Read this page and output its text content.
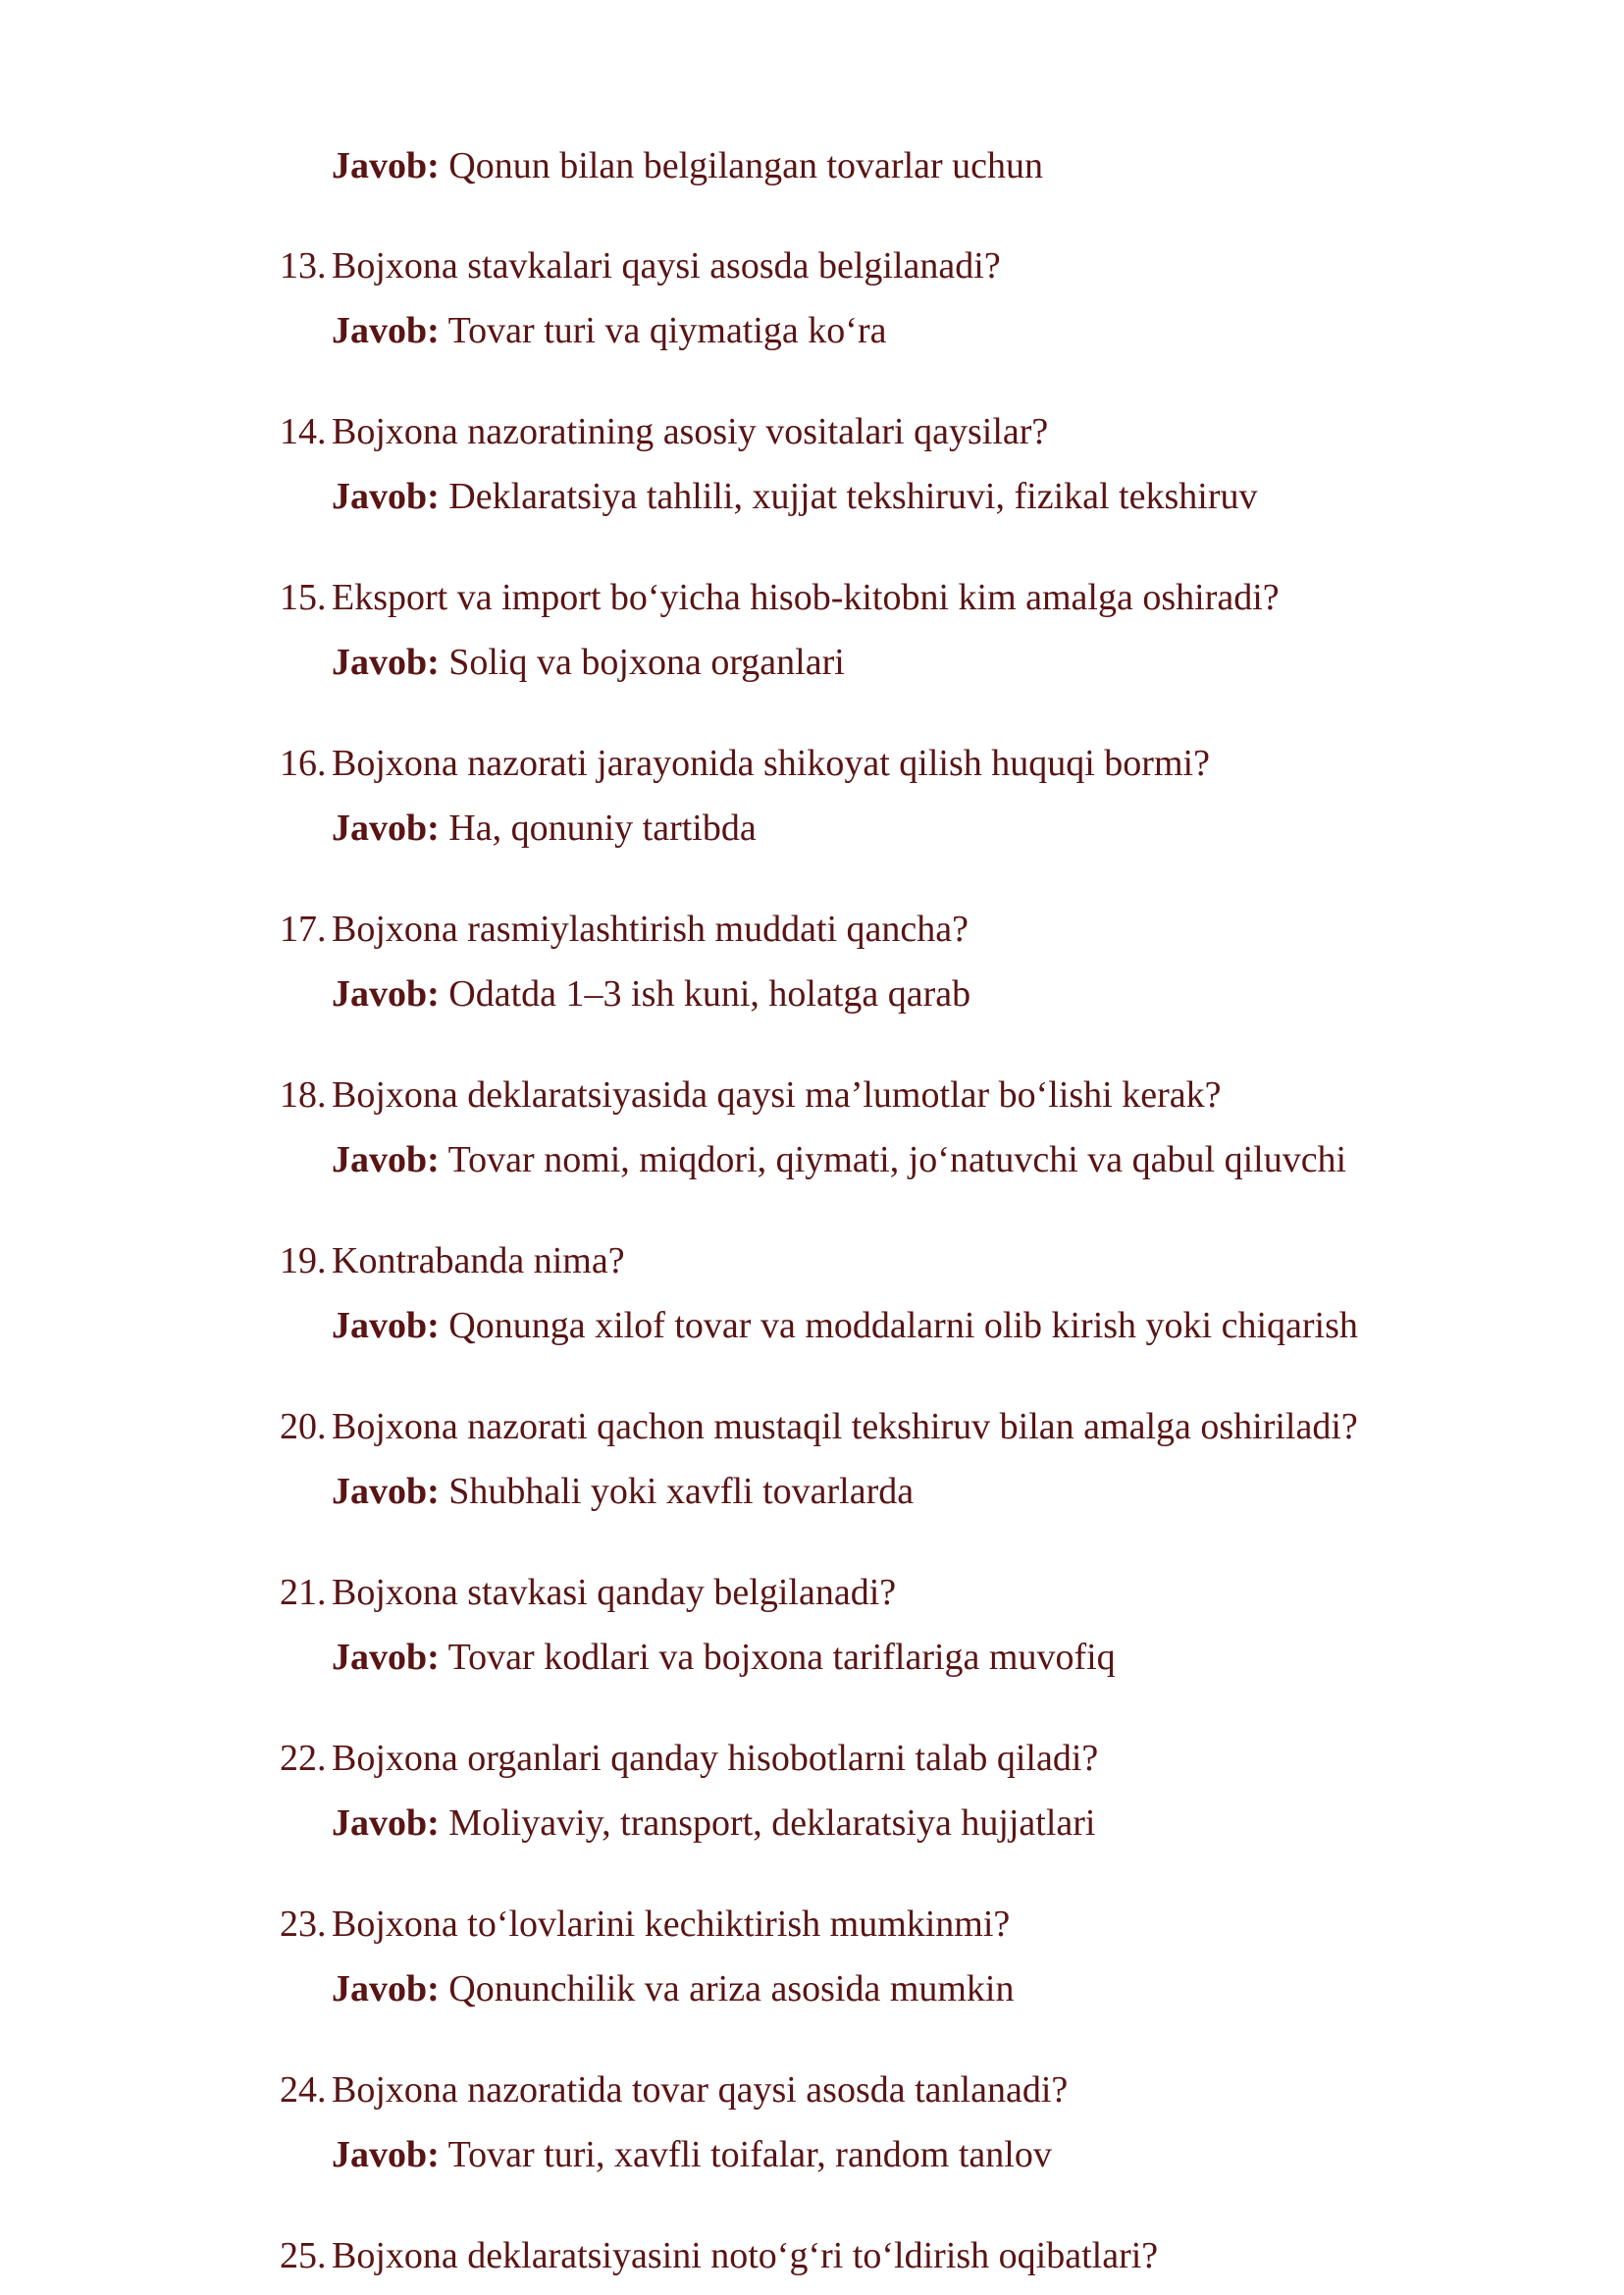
Javob: Qonun bilan belgilangan tovarlar uchun
13. Bojxona stavkalari qaysi asosda belgilanadi?
Javob: Tovar turi va qiymatiga ko‘ra
14. Bojxona nazoratining asosiy vositalari qaysilar?
Javob: Deklaratsiya tahlili, xujjat tekshiruvi, fizikal tekshiruv
15. Eksport va import bo‘yicha hisob-kitobni kim amalga oshiradi?
Javob: Soliq va bojxona organlari
16. Bojxona nazorati jarayonida shikoyat qilish huquqi bormi?
Javob: Ha, qonuniy tartibda
17. Bojxona rasmiylashtirish muddati qancha?
Javob: Odatda 1–3 ish kuni, holatga qarab
18. Bojxona deklaratsiyasida qaysi ma’lumotlar bo‘lishi kerak?
Javob: Tovar nomi, miqdori, qiymati, jo‘natuvchi va qabul qiluvchi
19. Kontrabanda nima?
Javob: Qonunga xilof tovar va moddalarni olib kirish yoki chiqarish
20. Bojxona nazorati qachon mustaqil tekshiruv bilan amalga oshiriladi?
Javob: Shubhali yoki xavfli tovarlarda
21. Bojxona stavkasi qanday belgilanadi?
Javob: Tovar kodlari va bojxona tariflariga muvofiq
22. Bojxona organlari qanday hisobotlarni talab qiladi?
Javob: Moliyaviy, transport, deklaratsiya hujjatlari
23. Bojxona to‘lovlarini kechiktirish mumkinmi?
Javob: Qonunchilik va ariza asosida mumkin
24. Bojxona nazoratida tovar qaysi asosda tanlanadi?
Javob: Tovar turi, xavfli toifalar, random tanlov
25. Bojxona deklaratsiyasini noto‘g‘ri to‘ldirish oqibatlari?
